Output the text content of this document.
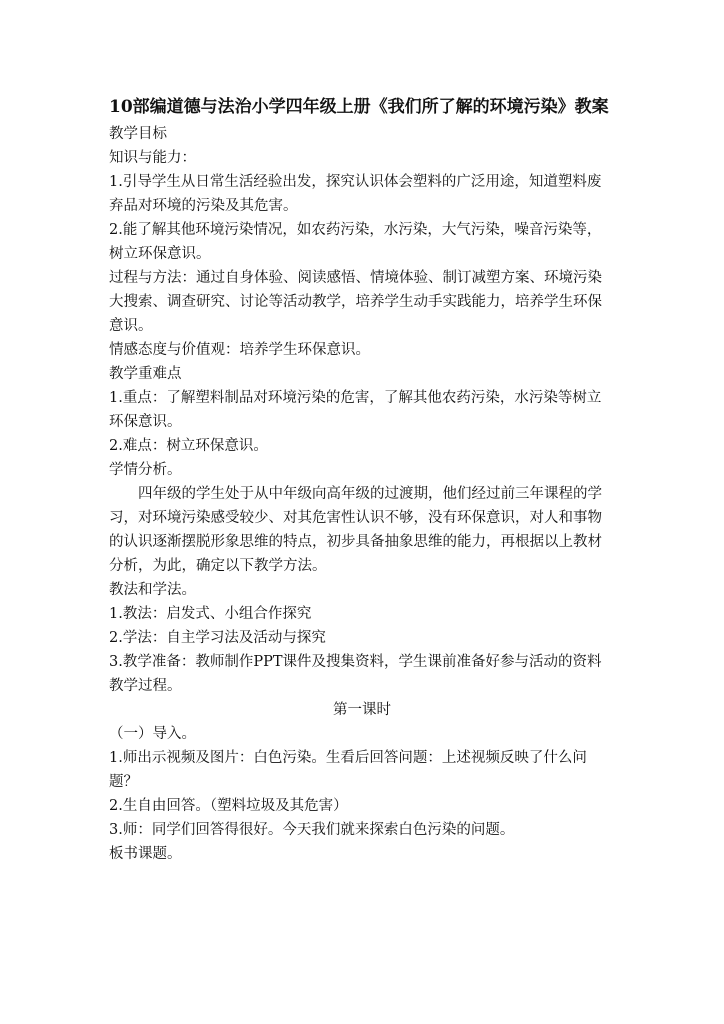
10部编道德与法治小学四年级上册《我们所了解的环境污染》教案
教学目标
知识与能力：
1.引导学生从日常生活经验出发，探究认识体会塑料的广泛用途，知道塑料废
弃品对环境的污染及其危害。
2.能了解其他环境污染情况，如农药污染，水污染，大气污染，噪音污染等，
树立环保意识。
过程与方法：通过自身体验、阅读感悟、情境体验、制订减塑方案、环境污染
大搜索、调查研究、讨论等活动教学，培养学生动手实践能力，培养学生环保
意识。
情感态度与价值观：培养学生环保意识。
教学重难点
1.重点：了解塑料制品对环境污染的危害，了解其他农药污染，水污染等树立
环保意识。
2.难点：树立环保意识。
学情分析。
四年级的学生处于从中年级向高年级的过渡期，他们经过前三年课程的学
习，对环境污染感受较少、对其危害性认识不够，没有环保意识，对人和事物
的认识逐渐摆脱形象思维的特点，初步具备抽象思维的能力，再根据以上教材
分析，为此，确定以下教学方法。
教法和学法。
1.教法：启发式、小组合作探究
2.学法：自主学习法及活动与探究
3.教学准备：教师制作PPT课件及搜集资料，学生课前准备好参与活动的资料
教学过程。
第一课时
（一）导入。
1.师出示视频及图片：白色污染。生看后回答问题：上述视频反映了什么问
题？
2.生自由回答。（塑料垃圾及其危害）
3.师：同学们回答得很好。今天我们就来探索白色污染的问题。
板书课题。
